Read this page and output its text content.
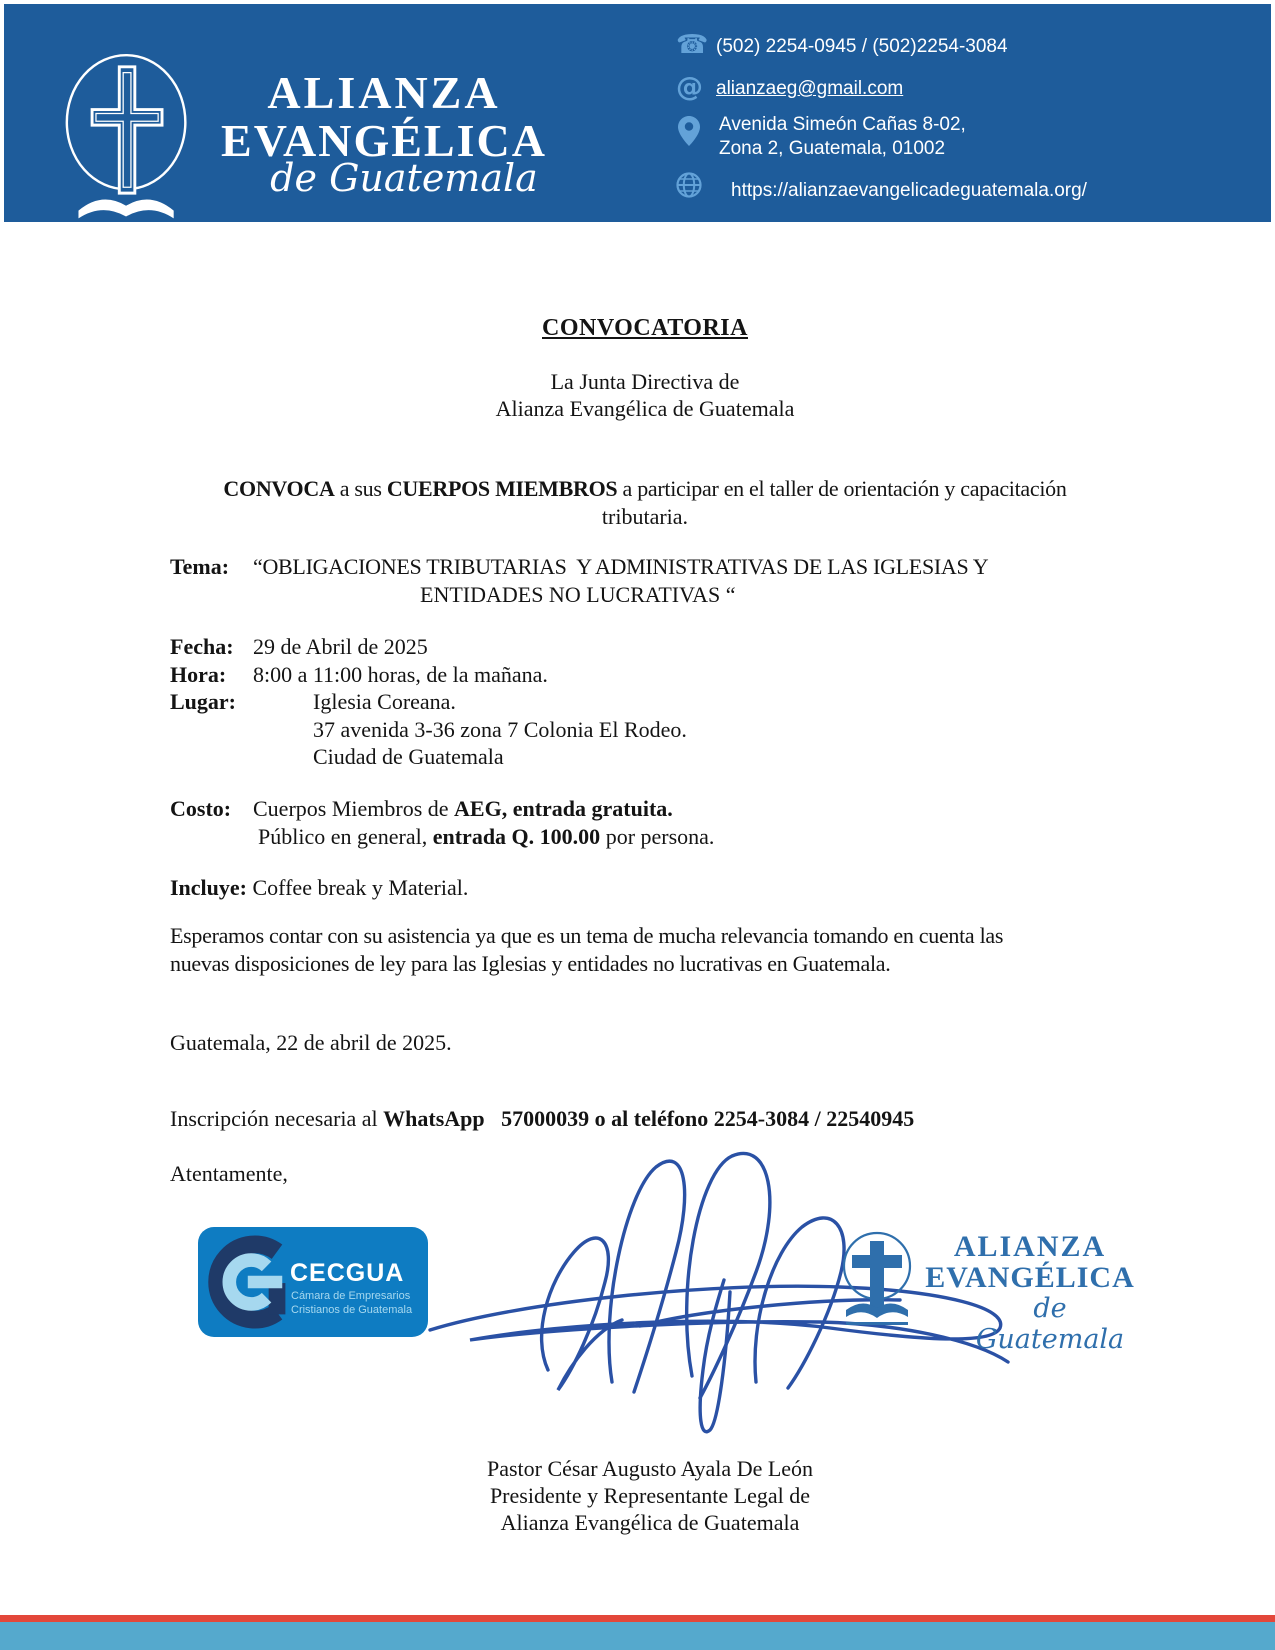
ALIANZA
EVANGÉLICA
de Guatemala
☎ (502) 2254-0945 / (502)2254-3084
@ alianzaeg@gmail.com
Avenida Simeón Cañas 8-02,
Zona 2, Guatemala, 01002
https://alianzaevangelicadeguatemala.org/
CONVOCATORIA
La Junta Directiva de
Alianza Evangélica de Guatemala
CONVOCA a sus CUERPOS MIEMBROS a participar en el taller de orientación y capacitación
tributaria.
Tema: “OBLIGACIONES TRIBUTARIAS  Y ADMINISTRATIVAS DE LAS IGLESIAS Y
ENTIDADES NO LUCRATIVAS “
Fecha: 29 de Abril de 2025
Hora: 8:00 a 11:00 horas, de la mañana.
Lugar:	Iglesia Coreana.
37 avenida 3-36 zona 7 Colonia El Rodeo.
Ciudad de Guatemala
Costo: Cuerpos Miembros de AEG, entrada gratuita.
Público en general, entrada Q. 100.00 por persona.
Incluye: Coffee break y Material.
Esperamos contar con su asistencia ya que es un tema de mucha relevancia tomando en cuenta las
nuevas disposiciones de ley para las Iglesias y entidades no lucrativas en Guatemala.
Guatemala, 22 de abril de 2025.
Inscripción necesaria al WhatsApp   57000039 o al teléfono 2254-3084 / 22540945
Atentamente,
CECGUA
Cámara de Empresarios
Cristianos de Guatemala
ALIANZA
EVANGÉLICA
de Guatemala
Pastor César Augusto Ayala De León
Presidente y Representante Legal de
Alianza Evangélica de Guatemala
